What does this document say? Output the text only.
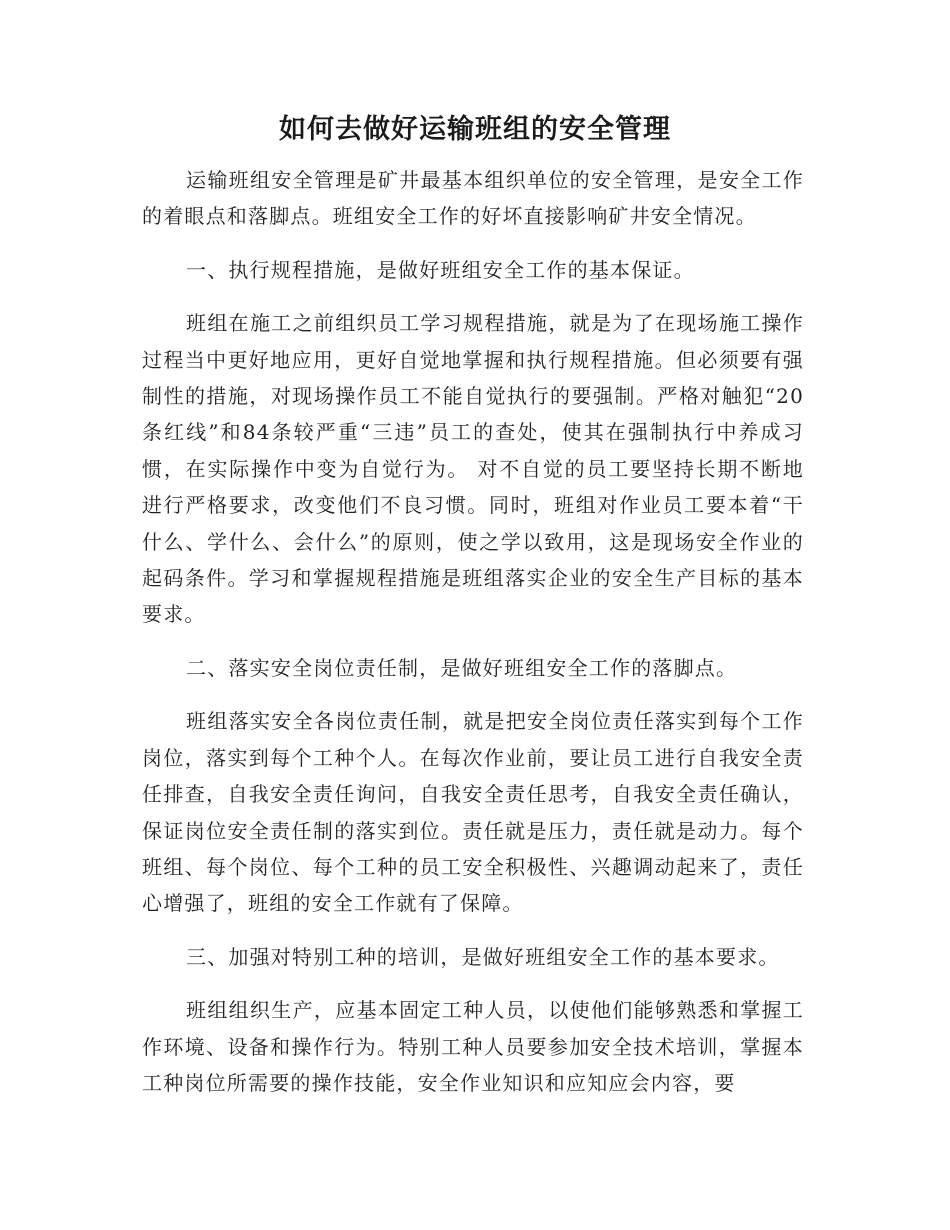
如何去做好运输班组的安全管理

运输班组安全管理是矿井最基本组织单位的安全管理，是安全工作的着眼点和落脚点。班组安全工作的好坏直接影响矿井安全情况。

一、执行规程措施，是做好班组安全工作的基本保证。

班组在施工之前组织员工学习规程措施，就是为了在现场施工操作过程当中更好地应用，更好自觉地掌握和执行规程措施。但必须要有强制性的措施，对现场操作员工不能自觉执行的要强制。严格对触犯“20条红线”和84条较严重“三违”员工的查处，使其在强制执行中养成习惯，在实际操作中变为自觉行为。 对不自觉的员工要坚持长期不断地进行严格要求，改变他们不良习惯。同时，班组对作业员工要本着“干什么、学什么、会什么”的原则，使之学以致用，这是现场安全作业的起码条件。学习和掌握规程措施是班组落实企业的安全生产目标的基本要求。

二、落实安全岗位责任制，是做好班组安全工作的落脚点。

班组落实安全各岗位责任制，就是把安全岗位责任落实到每个工作岗位，落实到每个工种个人。在每次作业前，要让员工进行自我安全责任排查，自我安全责任询问，自我安全责任思考，自我安全责任确认，保证岗位安全责任制的落实到位。责任就是压力，责任就是动力。每个班组、每个岗位、每个工种的员工安全积极性、兴趣调动起来了，责任心增强了，班组的安全工作就有了保障。

三、加强对特别工种的培训，是做好班组安全工作的基本要求。

班组组织生产，应基本固定工种人员，以使他们能够熟悉和掌握工作环境、设备和操作行为。特别工种人员要参加安全技术培训，掌握本工种岗位所需要的操作技能，安全作业知识和应知应会内容，要
